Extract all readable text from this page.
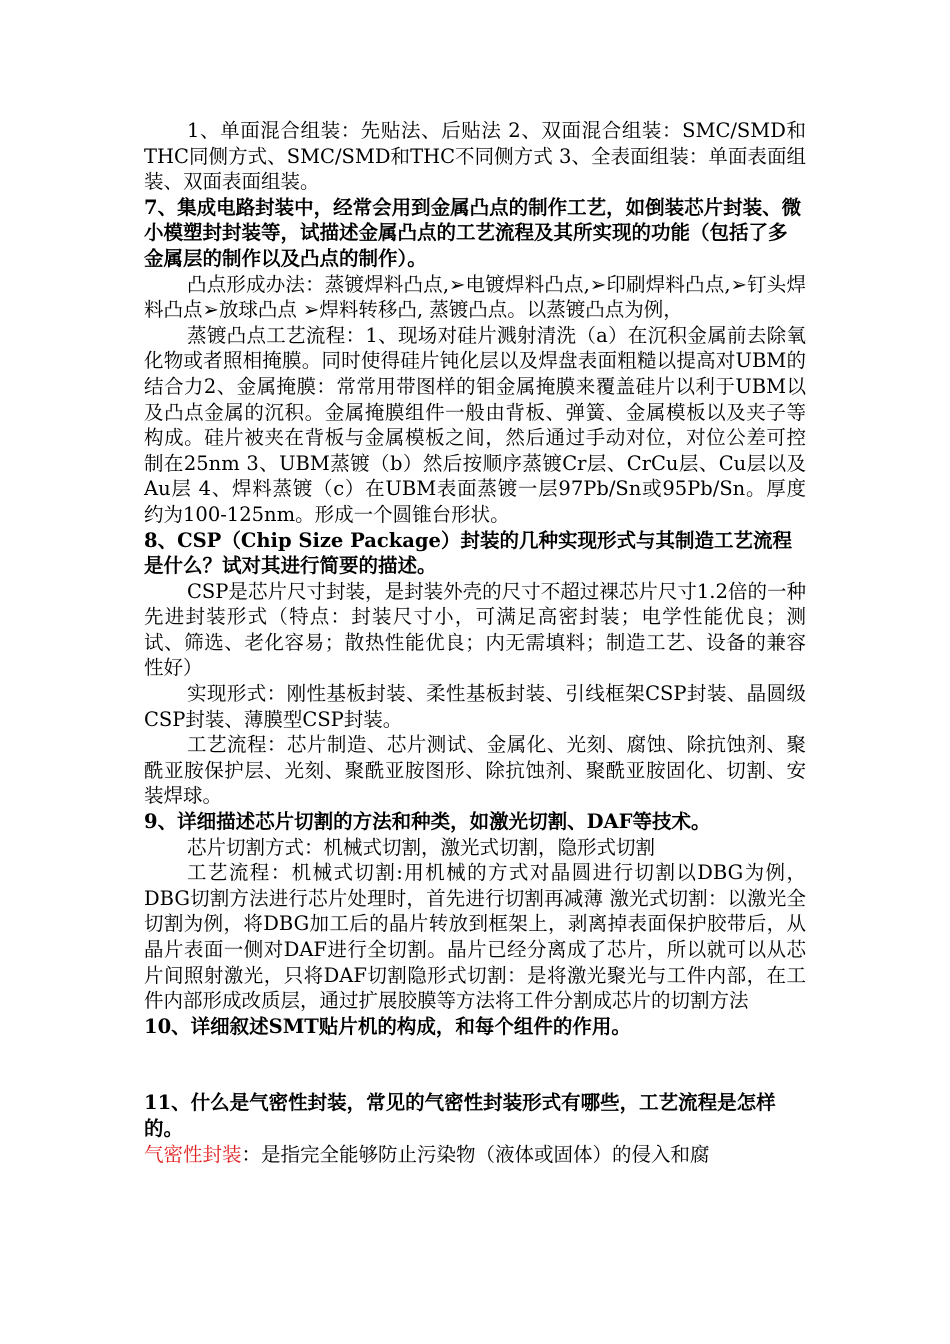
1、单面混合组装：先贴法、后贴法 2、双面混合组装：SMC/SMD和THC同侧方式、SMC/SMD和THC不同侧方式 3、全表面组装：单面表面组装、双面表面组装。

7、集成电路封装中，经常会用到金属凸点的制作工艺，如倒装芯片封装、微小模塑封封装等，试描述金属凸点的工艺流程及其所实现的功能（包括了多金属层的制作以及凸点的制作）。

凸点形成办法：蒸镀焊料凸点,➢电镀焊料凸点,➢印刷焊料凸点,➢钉头焊料凸点➢放球凸点 ➢焊料转移凸, 蒸镀凸点。以蒸镀凸点为例，

蒸镀凸点工艺流程：1、现场对硅片溅射清洗（a）在沉积金属前去除氧化物或者照相掩膜。同时使得硅片钝化层以及焊盘表面粗糙以提高对UBM的结合力2、金属掩膜：常常用带图样的钼金属掩膜来覆盖硅片以利于UBM以及凸点金属的沉积。金属掩膜组件一般由背板、弹簧、金属模板以及夹子等构成。硅片被夹在背板与金属模板之间，然后通过手动对位，对位公差可控制在25nm 3、UBM蒸镀（b）然后按顺序蒸镀Cr层、CrCu层、Cu层以及Au层 4、焊料蒸镀（c）在UBM表面蒸镀一层97Pb/Sn或95Pb/Sn。厚度约为100-125nm。形成一个圆锥台形状。

8、CSP（Chip Size Package）封装的几种实现形式与其制造工艺流程是什么？试对其进行简要的描述。

CSP是芯片尺寸封装，是封装外壳的尺寸不超过裸芯片尺寸1.2倍的一种先进封装形式（特点：封装尺寸小，可满足高密封装；电学性能优良；测试、筛选、老化容易；散热性能优良；内无需填料；制造工艺、设备的兼容性好）

实现形式：刚性基板封装、柔性基板封装、引线框架CSP封装、晶圆级CSP封装、薄膜型CSP封装。

工艺流程：芯片制造、芯片测试、金属化、光刻、腐蚀、除抗蚀剂、聚酰亚胺保护层、光刻、聚酰亚胺图形、除抗蚀剂、聚酰亚胺固化、切割、安装焊球。

9、详细描述芯片切割的方法和种类，如激光切割、DAF等技术。

芯片切割方式：机械式切割，激光式切割，隐形式切割

工艺流程：机械式切割:用机械的方式对晶圆进行切割以DBG为例，DBG切割方法进行芯片处理时，首先进行切割再减薄 激光式切割：以激光全切割为例，将DBG加工后的晶片转放到框架上，剥离掉表面保护胶带后，从晶片表面一侧对DAF进行全切割。晶片已经分离成了芯片，所以就可以从芯片间照射激光，只将DAF切割隐形式切割：是将激光聚光与工件内部，在工件内部形成改质层，通过扩展胶膜等方法将工件分割成芯片的切割方法

10、详细叙述SMT贴片机的构成，和每个组件的作用。

11、什么是气密性封装，常见的气密性封装形式有哪些，工艺流程是怎样的。

气密性封装：是指完全能够防止污染物（液体或固体）的侵入和腐
